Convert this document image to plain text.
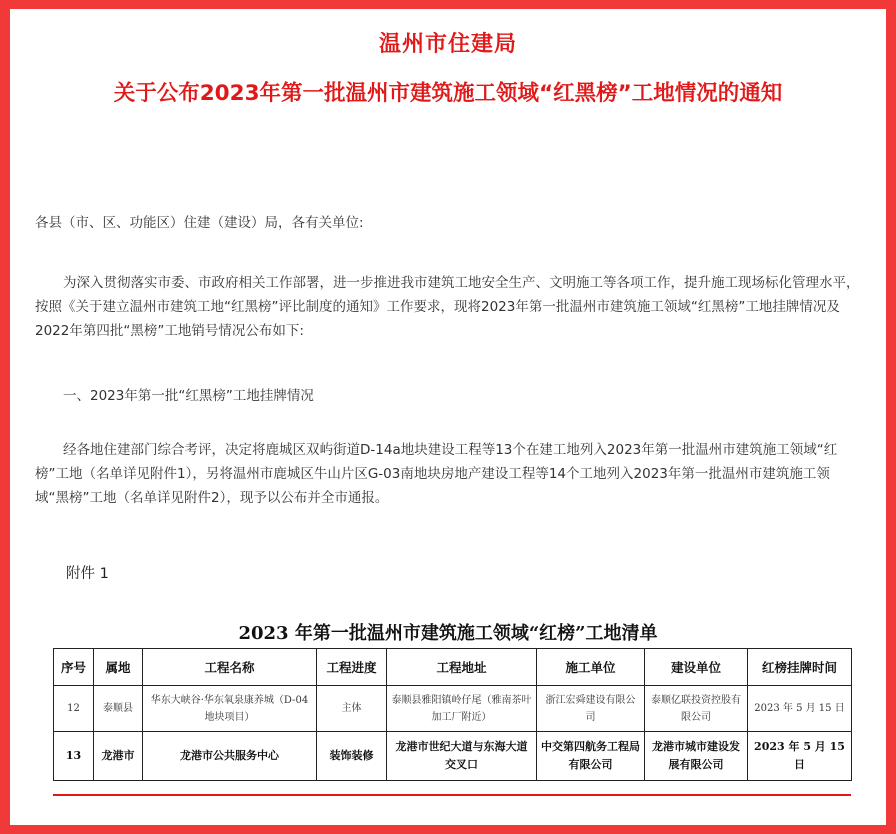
温州市住建局
关于公布2023年第一批温州市建筑施工领域“红黑榜”工地情况的通知

各县（市、区、功能区）住建（建设）局，各有关单位:

为深入贯彻落实市委、市政府相关工作部署，进一步推进我市建筑工地安全生产、文明施工等各项工作，提升施工现场标化管理水平，按照《关于建立温州市建筑工地“红黑榜”评比制度的通知》工作要求，现将2023年第一批温州市建筑施工领域“红黑榜”工地挂牌情况及2022年第四批“黑榜”工地销号情况公布如下:

一、2023年第一批“红黑榜”工地挂牌情况

经各地住建部门综合考评，决定将鹿城区双屿街道D-14a地块建设工程等13个在建工地列入2023年第一批温州市建筑施工领域“红榜”工地（名单详见附件1），另将温州市鹿城区牛山片区G-03南地块房地产建设工程等14个工地列入2023年第一批温州市建筑施工领域“黑榜”工地（名单详见附件2），现予以公布并全市通报。

附件 1
2023 年第一批温州市建筑施工领域“红榜”工地清单
序号	属地	工程名称	工程进度	工程地址	施工单位	建设单位	红榜挂牌时间
12	泰顺县	华东大峡谷·华东氧泉康养城（D-04 地块项目）	主体	泰顺县雅阳镇岭仔尾（雅南茶叶加工厂附近）	浙江宏舜建设有限公司	泰顺亿联投资控股有限公司	2023 年 5 月 15 日
13	龙港市	龙港市公共服务中心	装饰装修	龙港市世纪大道与东海大道交叉口	中交第四航务工程局有限公司	龙港市城市建设发展有限公司	2023 年 5 月 15 日
